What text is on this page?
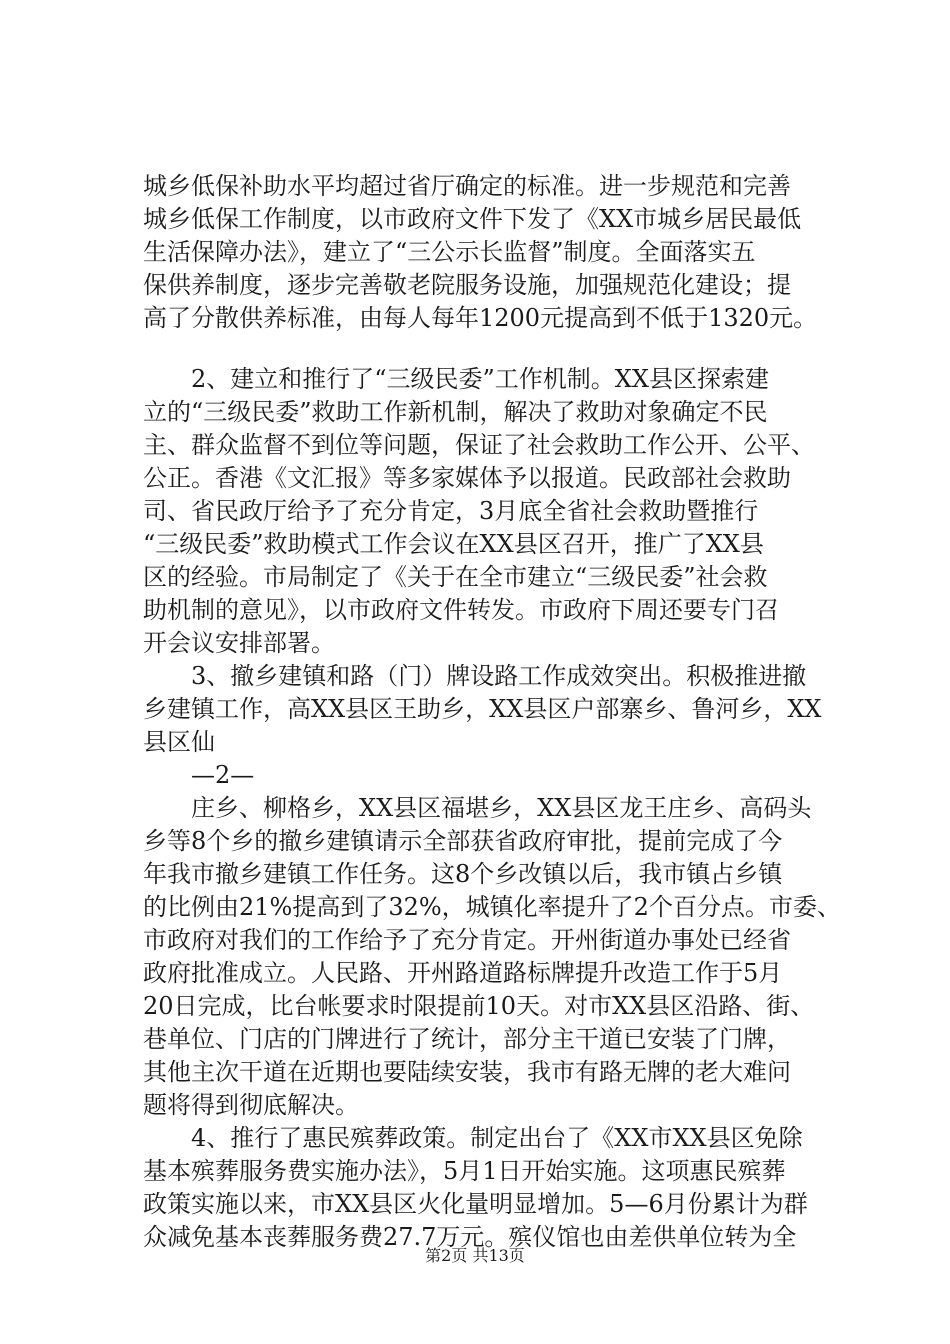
城乡低保补助水平均超过省厅确定的标准。进一步规范和完善
城乡低保工作制度，以市政府文件下发了《XX市城乡居民最低
生活保障办法》，建立了“三公示长监督”制度。全面落实五
保供养制度，逐步完善敬老院服务设施，加强规范化建设；提
高了分散供养标准，由每人每年1200元提高到不低于1320元。
　　2、建立和推行了“三级民委”工作机制。XX县区探索建
立的“三级民委”救助工作新机制，解决了救助对象确定不民
主、群众监督不到位等问题，保证了社会救助工作公开、公平、
公正。香港《文汇报》等多家媒体予以报道。民政部社会救助
司、省民政厅给予了充分肯定，3月底全省社会救助暨推行
“三级民委”救助模式工作会议在XX县区召开，推广了XX县
区的经验。市局制定了《关于在全市建立“三级民委”社会救
助机制的意见》，以市政府文件转发。市政府下周还要专门召
开会议安排部署。
　　3、撤乡建镇和路（门）牌设路工作成效突出。积极推进撤
乡建镇工作，高XX县区王助乡，XX县区户部寨乡、鲁河乡，XX
县区仙
　　—2—
　　庄乡、柳格乡，XX县区福堪乡，XX县区龙王庄乡、高码头
乡等8个乡的撤乡建镇请示全部获省政府审批，提前完成了今
年我市撤乡建镇工作任务。这8个乡改镇以后，我市镇占乡镇
的比例由21%提高到了32%，城镇化率提升了2个百分点。市委、
市政府对我们的工作给予了充分肯定。开州街道办事处已经省
政府批准成立。人民路、开州路道路标牌提升改造工作于5月
20日完成，比台帐要求时限提前10天。对市XX县区沿路、街、
巷单位、门店的门牌进行了统计，部分主干道已安装了门牌，
其他主次干道在近期也要陆续安装，我市有路无牌的老大难问
题将得到彻底解决。
　　4、推行了惠民殡葬政策。制定出台了《XX市XX县区免除
基本殡葬服务费实施办法》，5月1日开始实施。这项惠民殡葬
政策实施以来，市XX县区火化量明显增加。5—6月份累计为群
众减免基本丧葬服务费27.7万元。殡仪馆也由差供单位转为全
第2页 共13页
